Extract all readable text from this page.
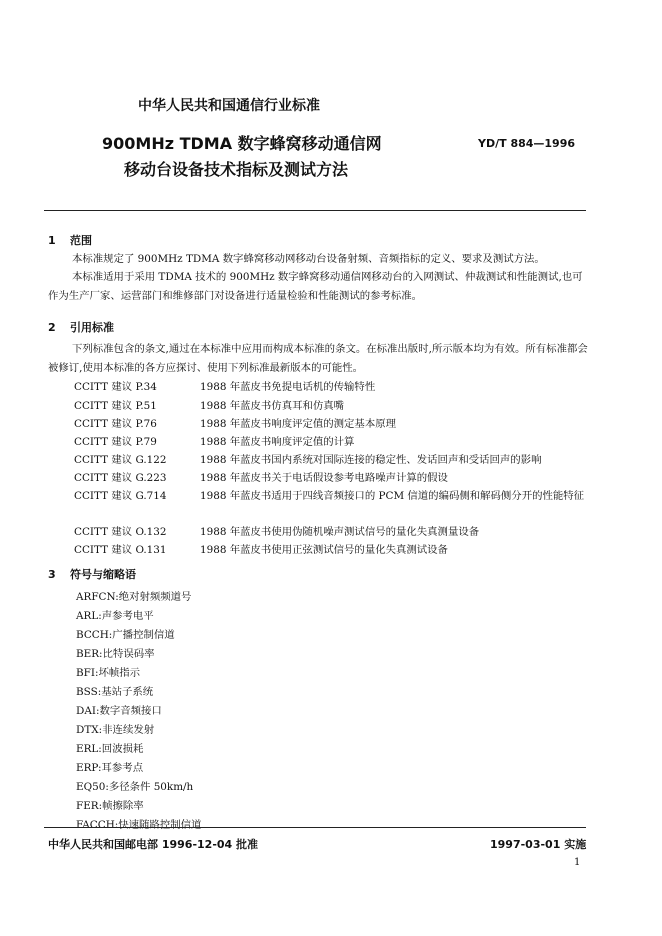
中华人民共和国通信行业标准
900MHz TDMA 数字蜂窝移动通信网
移动台设备技术指标及测试方法
YD/T 884—1996
1 范围

本标准规定了 900MHz TDMA 数字蜂窝移动网移动台设备射频、音频指标的定义、要求及测试方法。

本标准适用于采用 TDMA 技术的 900MHz 数字蜂窝移动通信网移动台的入网测试、仲裁测试和性能测试,也可作为生产厂家、运营部门和维修部门对设备进行适量检验和性能测试的参考标准。

2 引用标准

下列标准包含的条文,通过在本标准中应用而构成本标准的条文。在标准出版时,所示版本均为有效。所有标准都会被修订,使用本标准的各方应探讨、使用下列标准最新版本的可能性。

CCITT 建议 P.34	1988 年蓝皮书免提电话机的传输特性
CCITT 建议 P.51	1988 年蓝皮书仿真耳和仿真嘴
CCITT 建议 P.76	1988 年蓝皮书响度评定值的测定基本原理
CCITT 建议 P.79	1988 年蓝皮书响度评定值的计算
CCITT 建议 G.122	1988 年蓝皮书国内系统对国际连接的稳定性、发话回声和受话回声的影响
CCITT 建议 G.223	1988 年蓝皮书关于电话假设参考电路噪声计算的假设
CCITT 建议 G.714	1988 年蓝皮书适用于四线音频接口的 PCM 信道的编码侧和解码侧分开的性能特征
CCITT 建议 O.132	1988 年蓝皮书使用伪随机噪声测试信号的量化失真测量设备
CCITT 建议 O.131	1988 年蓝皮书使用正弦测试信号的量化失真测试设备
3 符号与缩略语
ARFCN:绝对射频频道号
ARL:声参考电平
BCCH:广播控制信道
BER:比特误码率
BFI:坏帧指示
BSS:基站子系统
DAI:数字音频接口
DTX:非连续发射
ERL:回波损耗
ERP:耳参考点
EQ50:多径条件 50km/h
FER:帧擦除率
FACCH:快速随路控制信道
中华人民共和国邮电部 1996-12-04 批准	1997-03-01 实施
1
